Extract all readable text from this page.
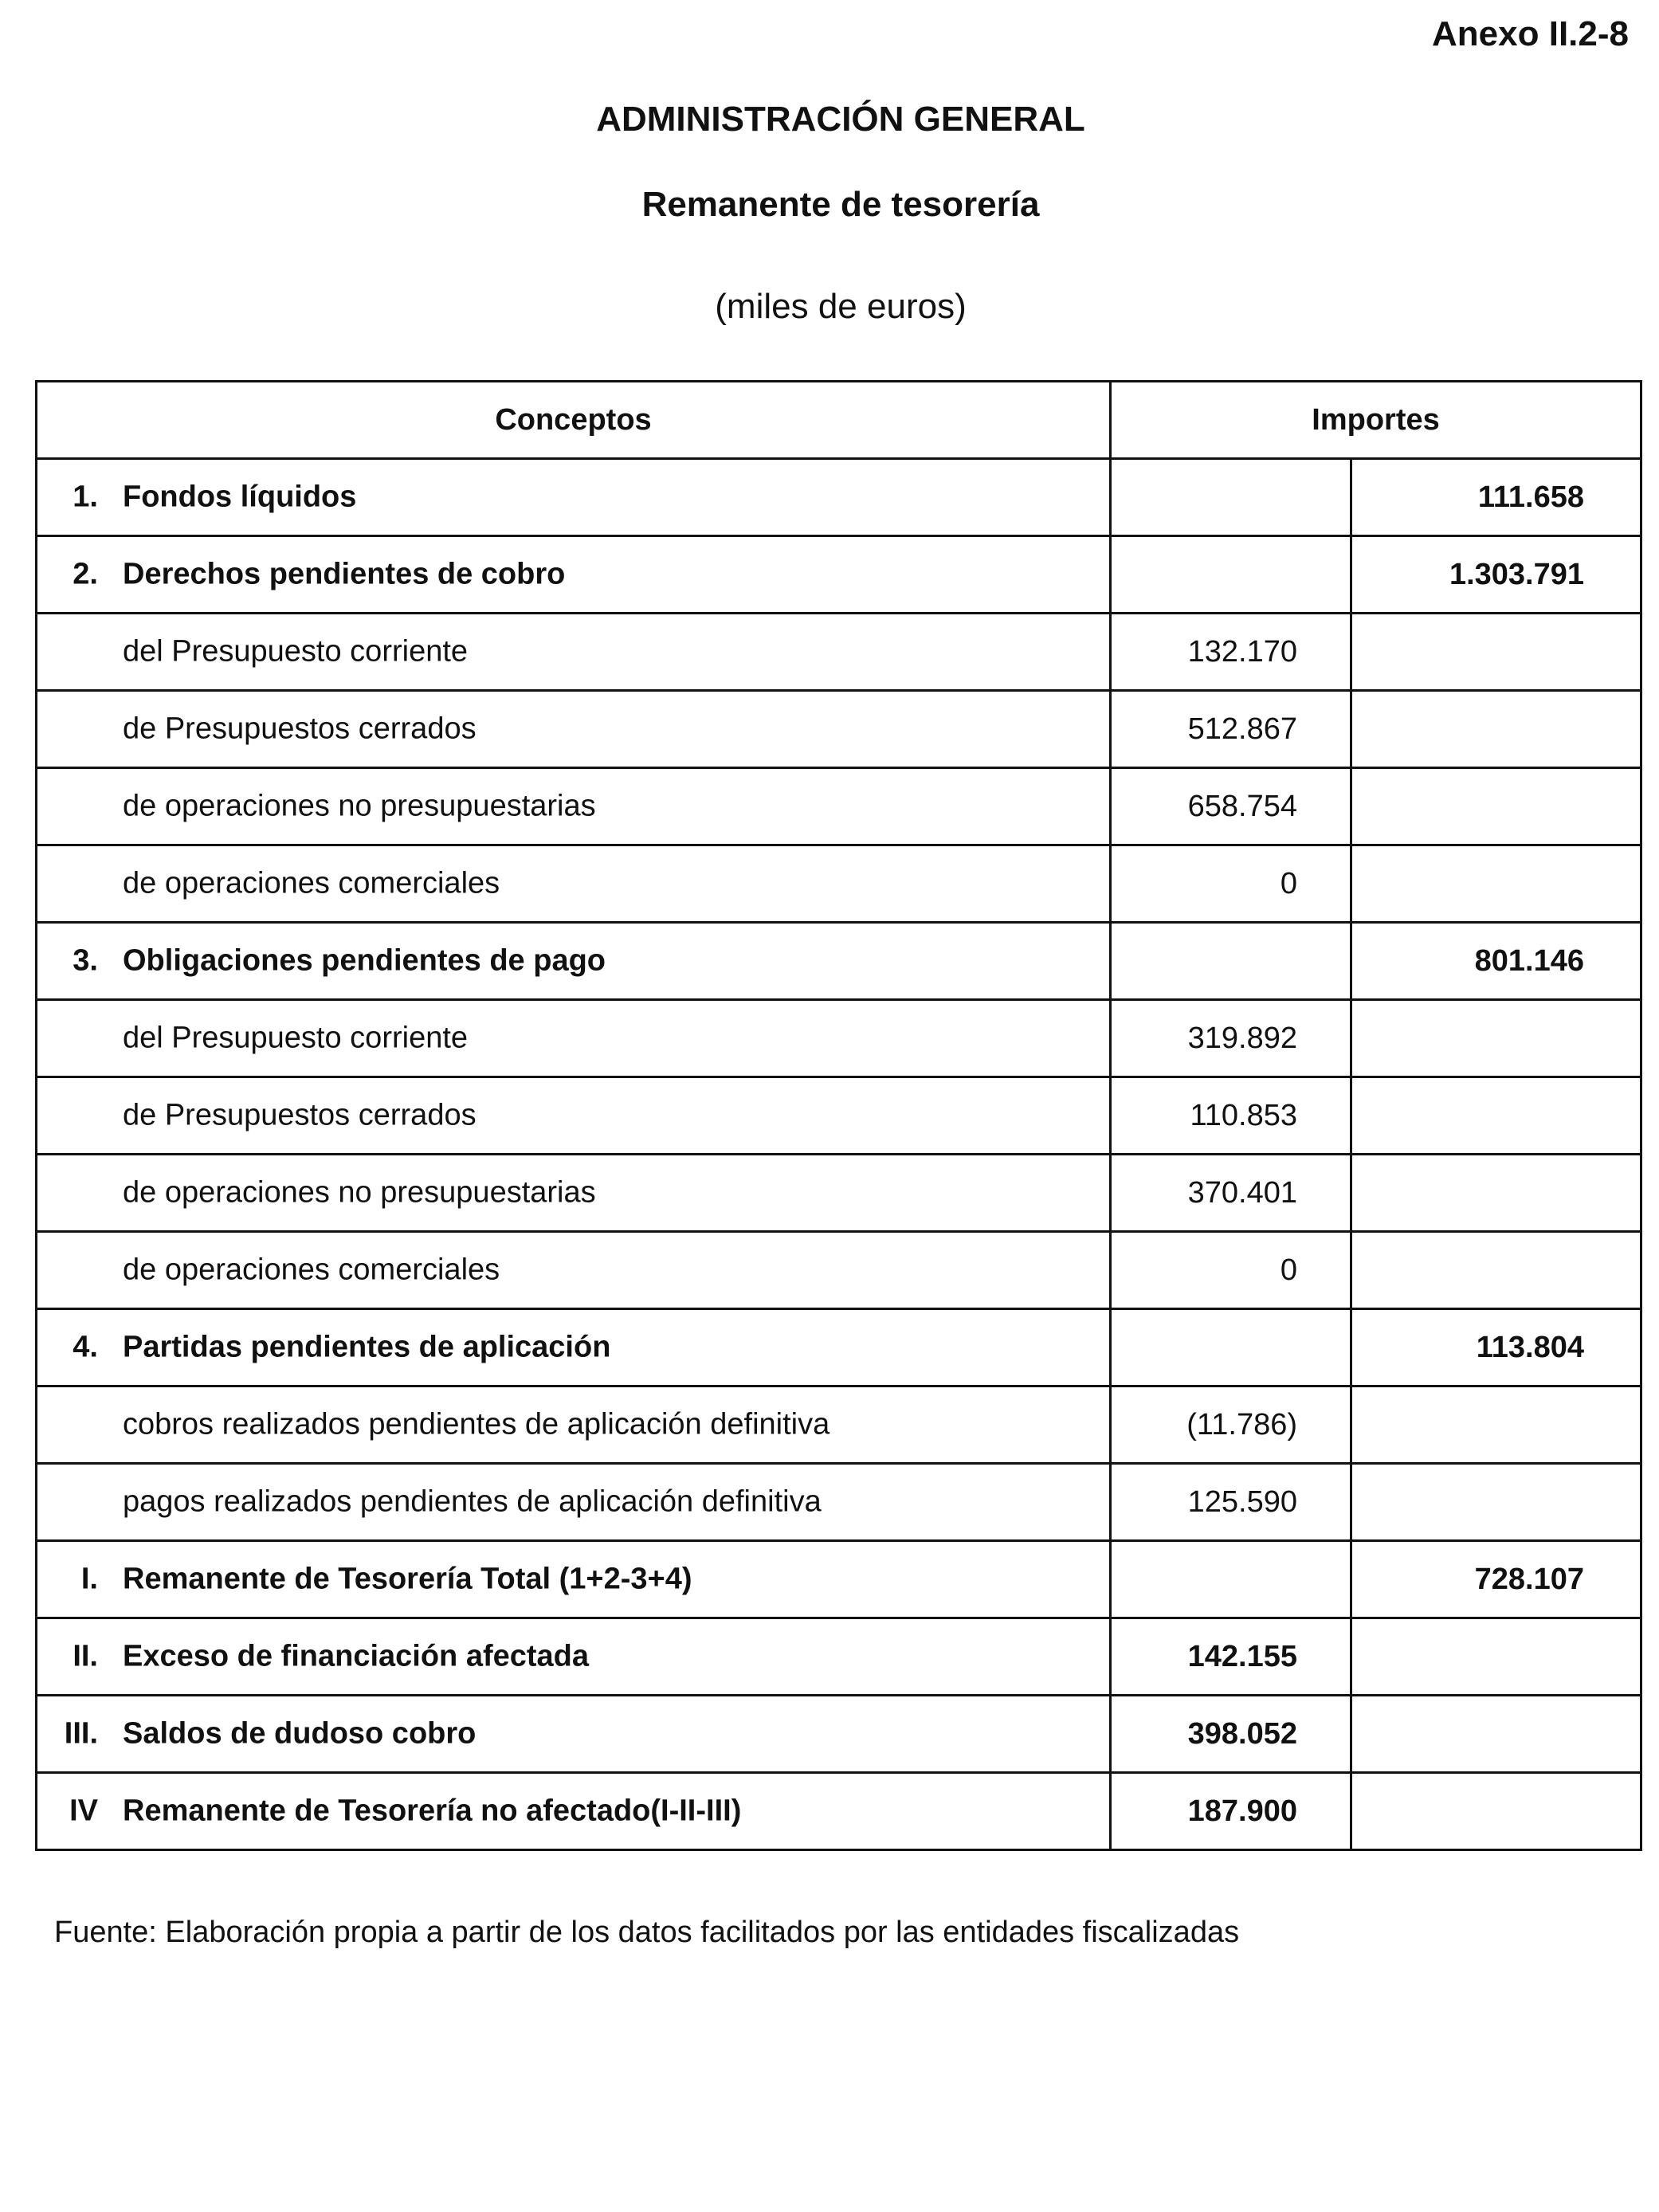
Anexo II.2-8
ADMINISTRACIÓN GENERAL
Remanente de tesorería
(miles de euros)
Conceptos	Importes	

1. Fondos líquidos		111.658

2. Derechos pendientes de cobro		1.303.791

del Presupuesto corriente	132.170	

de Presupuestos cerrados	512.867	

de operaciones no presupuestarias	658.754	

de operaciones comerciales	0	

3. Obligaciones pendientes de pago		801.146

del Presupuesto corriente	319.892	

de Presupuestos cerrados	110.853	

de operaciones no presupuestarias	370.401	

de operaciones comerciales	0	

4. Partidas pendientes de aplicación		113.804

cobros realizados pendientes de aplicación definitiva	(11.786)	

pagos realizados pendientes de aplicación definitiva	125.590	

I. Remanente de Tesorería Total (1+2-3+4)		728.107

II. Exceso de financiación afectada	142.155	

III. Saldos de dudoso cobro	398.052	

IV Remanente de Tesorería no afectado(I-II-III)	187.900	
Fuente: Elaboración propia a partir de los datos facilitados por las entidades fiscalizadas
